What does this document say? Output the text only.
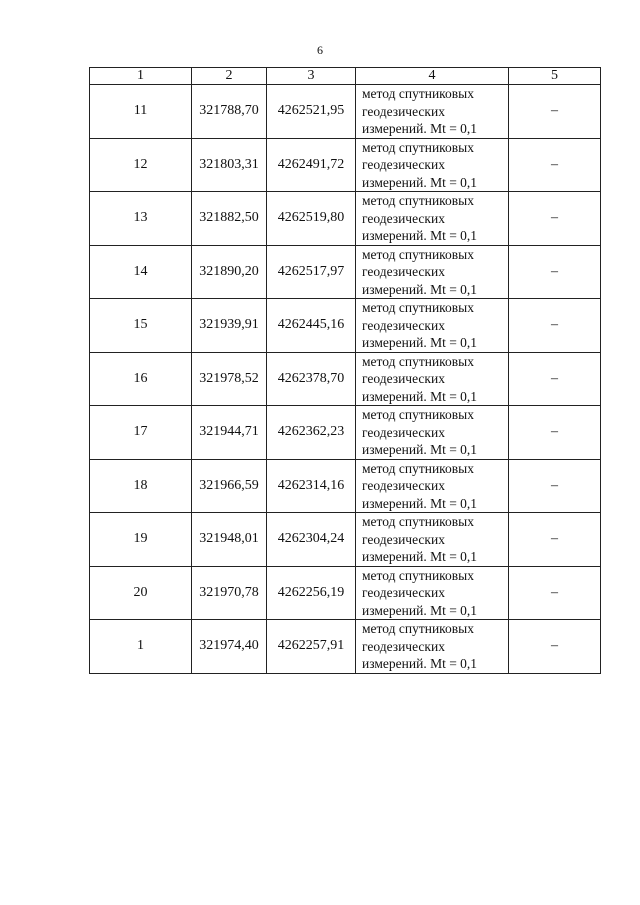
6
1	2	3	4	5
11	321788,70	4262521,95	метод спутниковых
геодезических
измерений. Mt = 0,1	–
12	321803,31	4262491,72	метод спутниковых
геодезических
измерений. Mt = 0,1	–
13	321882,50	4262519,80	метод спутниковых
геодезических
измерений. Mt = 0,1	–
14	321890,20	4262517,97	метод спутниковых
геодезических
измерений. Mt = 0,1	–
15	321939,91	4262445,16	метод спутниковых
геодезических
измерений. Mt = 0,1	–
16	321978,52	4262378,70	метод спутниковых
геодезических
измерений. Mt = 0,1	–
17	321944,71	4262362,23	метод спутниковых
геодезических
измерений. Mt = 0,1	–
18	321966,59	4262314,16	метод спутниковых
геодезических
измерений. Mt = 0,1	–
19	321948,01	4262304,24	метод спутниковых
геодезических
измерений. Mt = 0,1	–
20	321970,78	4262256,19	метод спутниковых
геодезических
измерений. Mt = 0,1	–
1	321974,40	4262257,91	метод спутниковых
геодезических
измерений. Mt = 0,1	–
